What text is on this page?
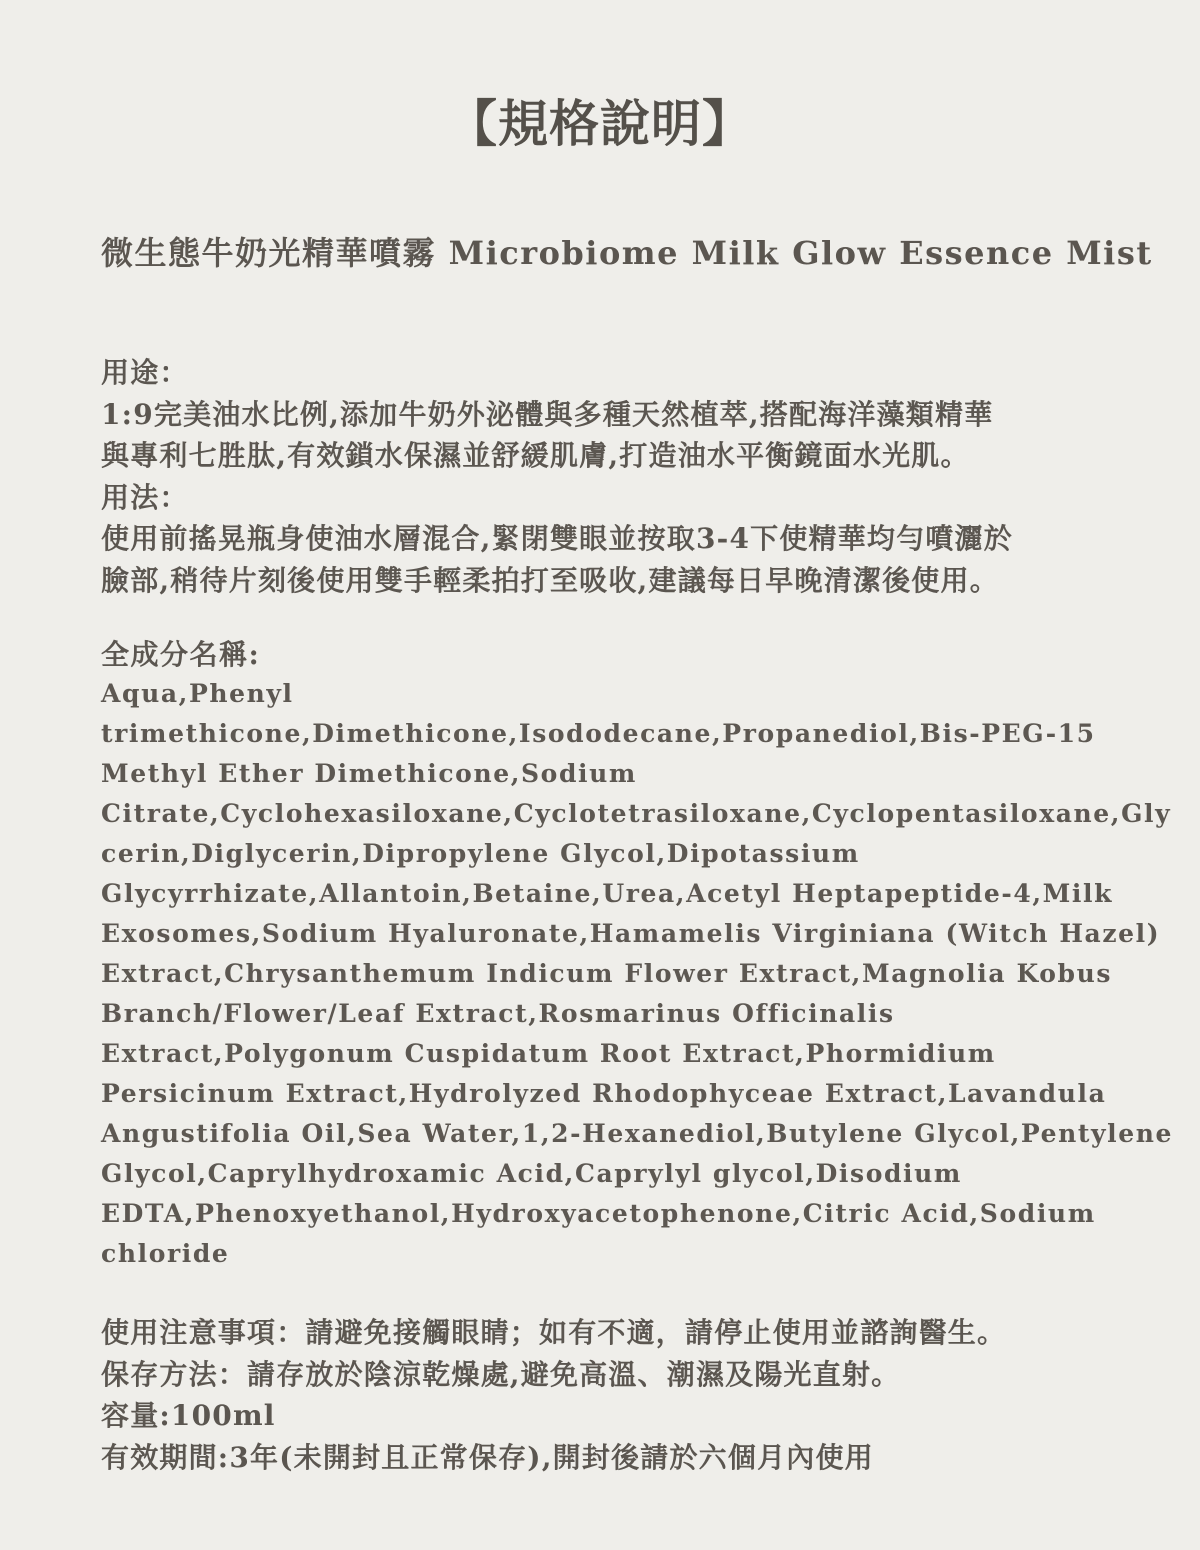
【規格說明】
微生態牛奶光精華噴霧 Microbiome Milk Glow Essence Mist
用途：
1:9完美油水比例,添加牛奶外泌體與多種天然植萃,搭配海洋藻類精華
與專利七胜肽,有效鎖水保濕並舒緩肌膚,打造油水平衡鏡面水光肌。
用法：
使用前搖晃瓶身使油水層混合,緊閉雙眼並按取3-4下使精華均勻噴灑於
臉部,稍待片刻後使用雙手輕柔拍打至吸收,建議每日早晚清潔後使用。
全成分名稱:
Aqua,Phenyl
trimethicone,Dimethicone,Isododecane,Propanediol,Bis-PEG-15
Methyl Ether Dimethicone,Sodium
Citrate,Cyclohexasiloxane,Cyclotetrasiloxane,Cyclopentasiloxane,Gly
cerin,Diglycerin,Dipropylene Glycol,Dipotassium
Glycyrrhizate,Allantoin,Betaine,Urea,Acetyl Heptapeptide-4,Milk
Exosomes,Sodium Hyaluronate,Hamamelis Virginiana (Witch Hazel)
Extract,Chrysanthemum Indicum Flower Extract,Magnolia Kobus
Branch/Flower/Leaf Extract,Rosmarinus Officinalis
Extract,Polygonum Cuspidatum Root Extract,Phormidium
Persicinum Extract,Hydrolyzed Rhodophyceae Extract,Lavandula
Angustifolia Oil,Sea Water,1,2-Hexanediol,Butylene Glycol,Pentylene
Glycol,Caprylhydroxamic Acid,Caprylyl glycol,Disodium
EDTA,Phenoxyethanol,Hydroxyacetophenone,Citric Acid,Sodium
chloride
使用注意事項：請避免接觸眼睛；如有不適，請停止使用並諮詢醫生。
保存方法：請存放於陰涼乾燥處,避免高溫、潮濕及陽光直射。
容量:100ml
有效期間:3年(未開封且正常保存),開封後請於六個月內使用
